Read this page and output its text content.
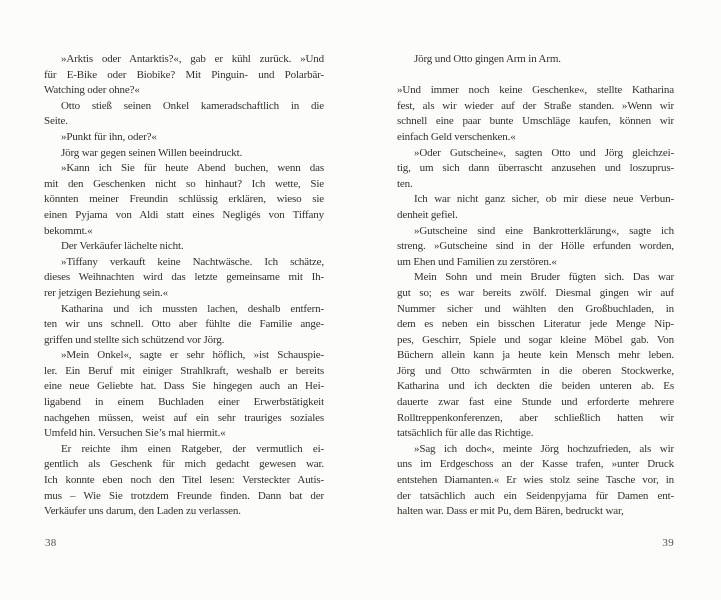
»Arktis oder Antarktis?«, gab er kühl zurück. »Und
für E-Bike oder Biobike? Mit Pinguin- und Polarbär-
Watching oder ohne?«
Otto stieß seinen Onkel kameradschaftlich in die
Seite.
»Punkt für ihn, oder?«
Jörg war gegen seinen Willen beeindruckt.
»Kann ich Sie für heute Abend buchen, wenn das
mit den Geschenken nicht so hinhaut? Ich wette, Sie
könnten meiner Freundin schlüssig erklären, wieso sie
einen Pyjama von Aldi statt eines Negligés von Tiffany
bekommt.«
Der Verkäufer lächelte nicht.
»Tiffany verkauft keine Nachtwäsche. Ich schätze,
dieses Weihnachten wird das letzte gemeinsame mit Ih-
rer jetzigen Beziehung sein.«
Katharina und ich mussten lachen, deshalb entfern-
ten wir uns schnell. Otto aber fühlte die Familie ange-
griffen und stellte sich schützend vor Jörg.
»Mein Onkel«, sagte er sehr höflich, »ist Schauspie-
ler. Ein Beruf mit einiger Strahlkraft, weshalb er bereits
eine neue Geliebte hat. Dass Sie hingegen auch an Hei-
ligabend in einem Buchladen einer Erwerbstätigkeit
nachgehen müssen, weist auf ein sehr trauriges soziales
Umfeld hin. Versuchen Sie’s mal hiermit.«
Er reichte ihm einen Ratgeber, der vermutlich ei-
gentlich als Geschenk für mich gedacht gewesen war.
Ich konnte eben noch den Titel lesen: Versteckter Autis-
mus – Wie Sie trotzdem Freunde finden. Dann bat der
Verkäufer uns darum, den Laden zu verlassen.
Jörg und Otto gingen Arm in Arm.
»Und immer noch keine Geschenke«, stellte Katharina
fest, als wir wieder auf der Straße standen. »Wenn wir
schnell eine paar bunte Umschläge kaufen, können wir
einfach Geld verschenken.«
»Oder Gutscheine«, sagten Otto und Jörg gleichzei-
tig, um sich dann überrascht anzusehen und loszuprus-
ten.
Ich war nicht ganz sicher, ob mir diese neue Verbun-
denheit gefiel.
»Gutscheine sind eine Bankrotterklärung«, sagte ich
streng. »Gutscheine sind in der Hölle erfunden worden,
um Ehen und Familien zu zerstören.«
Mein Sohn und mein Bruder fügten sich. Das war
gut so; es war bereits zwölf. Diesmal gingen wir auf
Nummer sicher und wählten den Großbuchladen, in
dem es neben ein bisschen Literatur jede Menge Nip-
pes, Geschirr, Spiele und sogar kleine Möbel gab. Von
Büchern allein kann ja heute kein Mensch mehr leben.
Jörg und Otto schwärmten in die oberen Stockwerke,
Katharina und ich deckten die beiden unteren ab. Es
dauerte zwar fast eine Stunde und erforderte mehrere
Rolltreppenkonferenzen, aber schließlich hatten wir
tatsächlich für alle das Richtige.
»Sag ich doch«, meinte Jörg hochzufrieden, als wir
uns im Erdgeschoss an der Kasse trafen, »unter Druck
entstehen Diamanten.« Er wies stolz seine Tasche vor, in
der tatsächlich auch ein Seidenpyjama für Damen ent-
halten war. Dass er mit Pu, dem Bären, bedruckt war,
38	39
